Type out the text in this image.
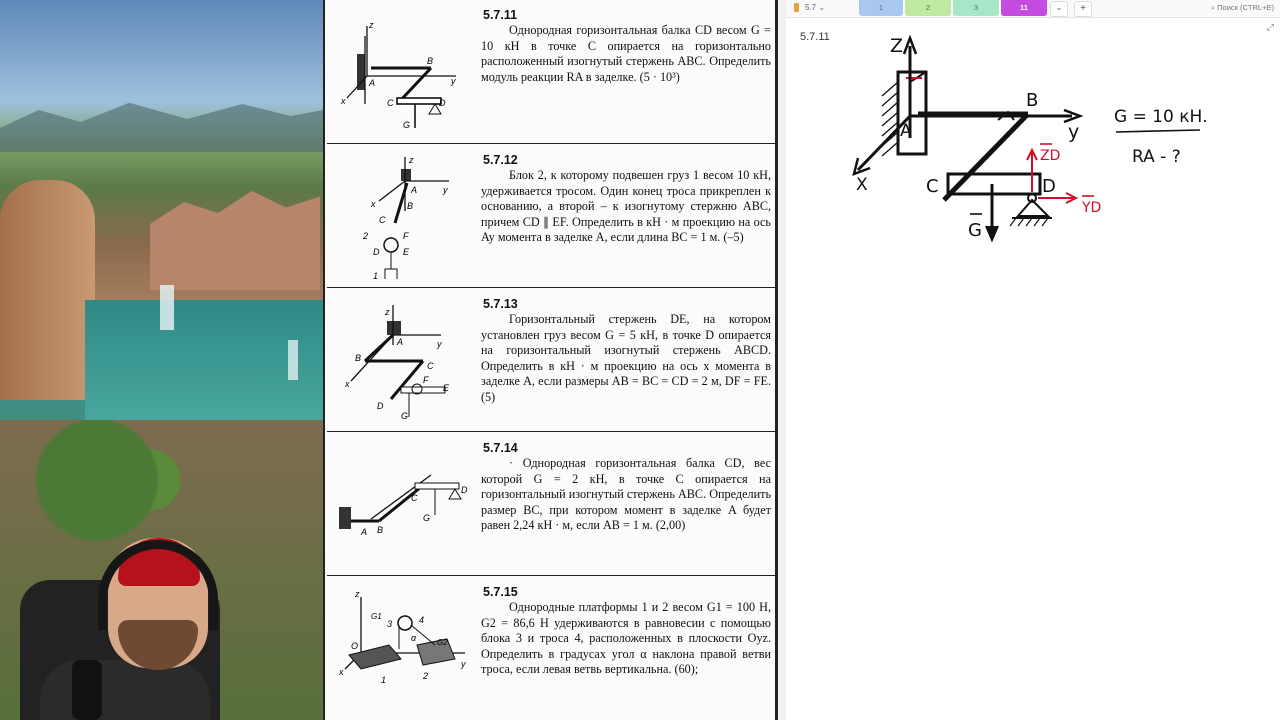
z
y
x
A
B
C	D
G
5.7.11
Однородная горизонтальная балка CD весом G = 10 кН в точке C опирается на горизонтально расположенный изогнутый стержень ABC. Определить модуль реакции RA в заделке. (5 · 10³)
z
y
x
A
B
C
D	E
F
1
2
5.7.12
Блок 2, к которому подвешен груз 1 весом 10 кН, удерживается тросом. Один конец троса прикреплен к основанию, а второй – к изогнутому стержню ABC, причем CD ∥ EF. Определить в кН · м проекцию на ось Ay момента в заделке A, если длина BC = 1 м. (–5)
z
y
x
A
B
C
D
E
F
G
5.7.13
Горизонтальный стержень DE, на котором установлен груз весом G = 5 кН, в точке D опирается на горизонтальный изогнутый стержень ABCD. Определить в кН · м проекцию на ось x момента в заделке A, если размеры AB = BC = CD = 2 м, DF = FE. (5)
A B
C
D
G
5.7.14
· Однородная горизонтальная балка CD, вес которой G = 2 кН, в точке C опирается на горизонтальный изогнутый стержень ABC. Определить размер BC, при котором момент в заделке A будет равен 2,24 кН · м, если AB = 1 м. (2,00)
z
y
x
O
G1
G2
1	2
3	4
α
5.7.15
Однородные платформы 1 и 2 весом G1 = 100 Н, G2 = 86,6 Н удерживаются в равновесии с помощью блока 3 и троса 4, расположенных в плоскости Oyz. Определить в градусах угол α наклона правой ветви троса, если левая ветвь вертикальна. (60);
5.7 ⌄	1	2	3	11	⌄	+	⌕ Поиск (CTRL+E)
⤢
5.7.11	Z
y
X
A
B
C	D
G
ZD
YD
G = 10 кН.
RA - ?
